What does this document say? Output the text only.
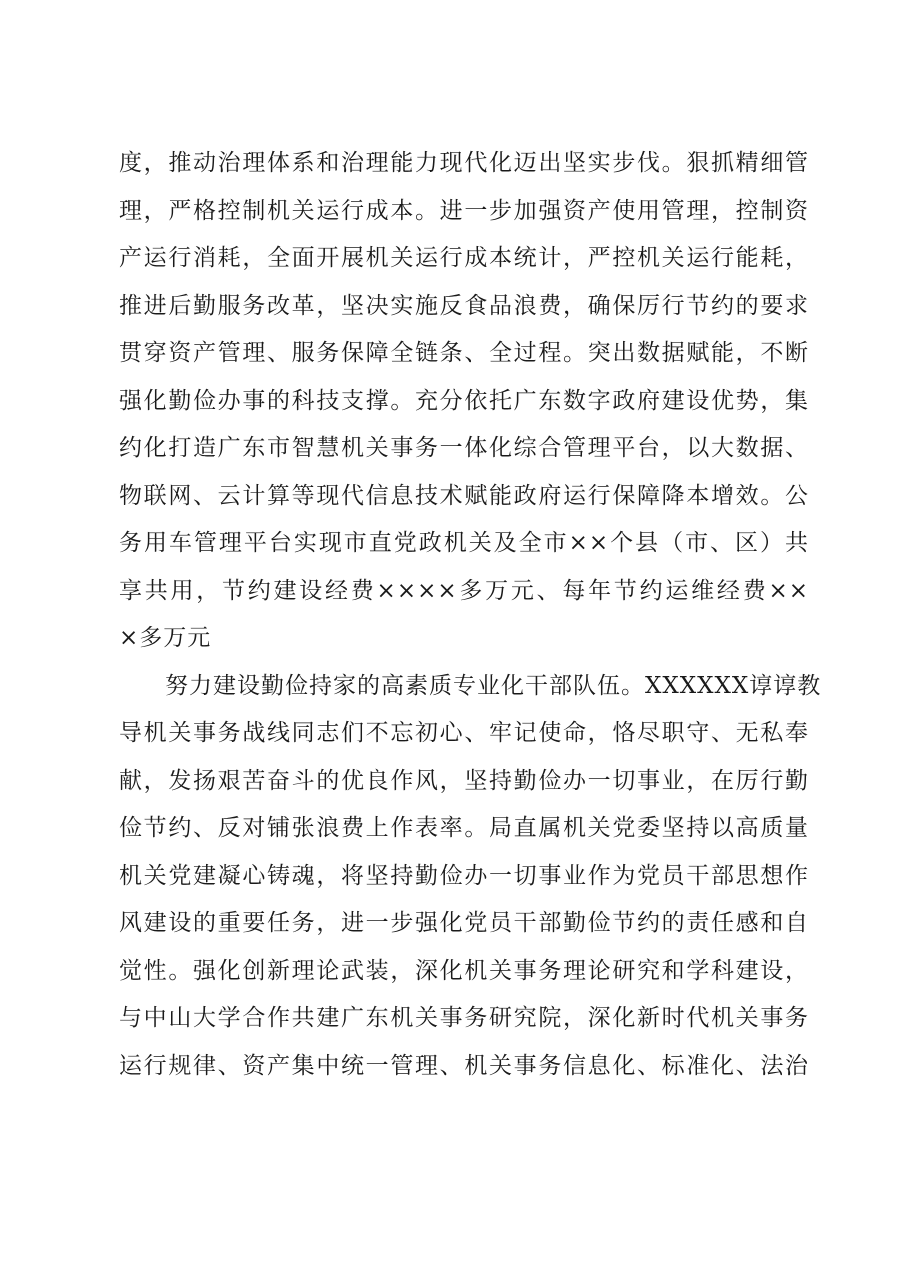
度，推动治理体系和治理能力现代化迈出坚实步伐。狠抓精细管
理，严格控制机关运行成本。进一步加强资产使用管理，控制资
产运行消耗，全面开展机关运行成本统计，严控机关运行能耗，
推进后勤服务改革，坚决实施反食品浪费，确保厉行节约的要求
贯穿资产管理、服务保障全链条、全过程。突出数据赋能，不断
强化勤俭办事的科技支撑。充分依托广东数字政府建设优势，集
约化打造广东市智慧机关事务一体化综合管理平台，以大数据、
物联网、云计算等现代信息技术赋能政府运行保障降本增效。公
务用车管理平台实现市直党政机关及全市××个县（市、区）共
享共用，节约建设经费××××多万元、每年节约运维经费××
×多万元
努力建设勤俭持家的高素质专业化干部队伍。XXXXXX谆谆教
导机关事务战线同志们不忘初心、牢记使命，恪尽职守、无私奉
献，发扬艰苦奋斗的优良作风，坚持勤俭办一切事业，在厉行勤
俭节约、反对铺张浪费上作表率。局直属机关党委坚持以高质量
机关党建凝心铸魂，将坚持勤俭办一切事业作为党员干部思想作
风建设的重要任务，进一步强化党员干部勤俭节约的责任感和自
觉性。强化创新理论武装，深化机关事务理论研究和学科建设，
与中山大学合作共建广东机关事务研究院，深化新时代机关事务
运行规律、资产集中统一管理、机关事务信息化、标准化、法治
